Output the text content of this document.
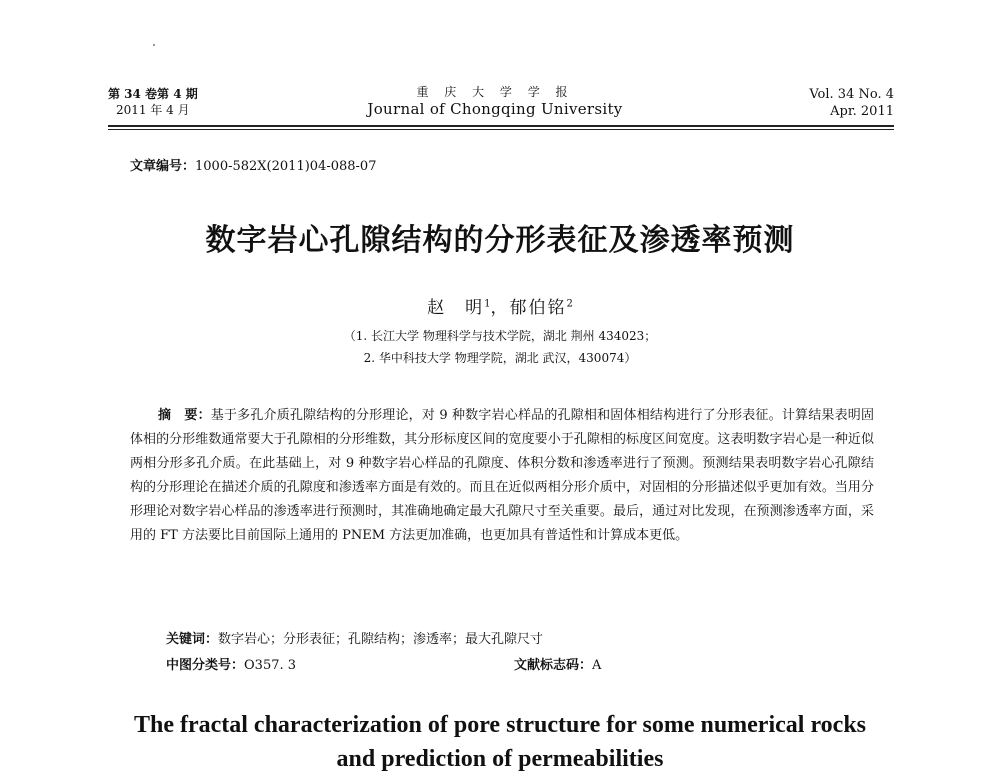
第 34 卷第 4 期
2011 年 4 月
重 庆 大 学 学 报
Journal of Chongqing University
Vol. 34 No. 4
Apr. 2011
文章编号：1000-582X(2011)04-088-07
数字岩心孔隙结构的分形表征及渗透率预测
赵　明$^1$，郁伯铭$^2$
（1. 长江大学 物理科学与技术学院，湖北 荆州 434023；
2. 华中科技大学 物理学院，湖北 武汉，430074）
摘　要：基于多孔介质孔隙结构的分形理论，对 9 种数字岩心样品的孔隙相和固体相结构进行了分形表征。计算结果表明固体相的分形维数通常要大于孔隙相的分形维数，其分形标度区间的宽度要小于孔隙相的标度区间宽度。这表明数字岩心是一种近似两相分形多孔介质。在此基础上，对 9 种数字岩心样品的孔隙度、体积分数和渗透率进行了预测。预测结果表明数字岩心孔隙结构的分形理论在描述介质的孔隙度和渗透率方面是有效的。而且在近似两相分形介质中，对固相的分形描述似乎更加有效。当用分形理论对数字岩心样品的渗透率进行预测时，其准确地确定最大孔隙尺寸至关重要。最后，通过对比发现，在预测渗透率方面，采用的 FT 方法要比目前国际上通用的 PNEM 方法更加准确，也更加具有普适性和计算成本更低。
关键词：数字岩心；分形表征；孔隙结构；渗透率；最大孔隙尺寸
中图分类号：O357. 3	文献标志码：A
The fractal characterization of pore structure for some numerical rocks
and prediction of permeabilities
